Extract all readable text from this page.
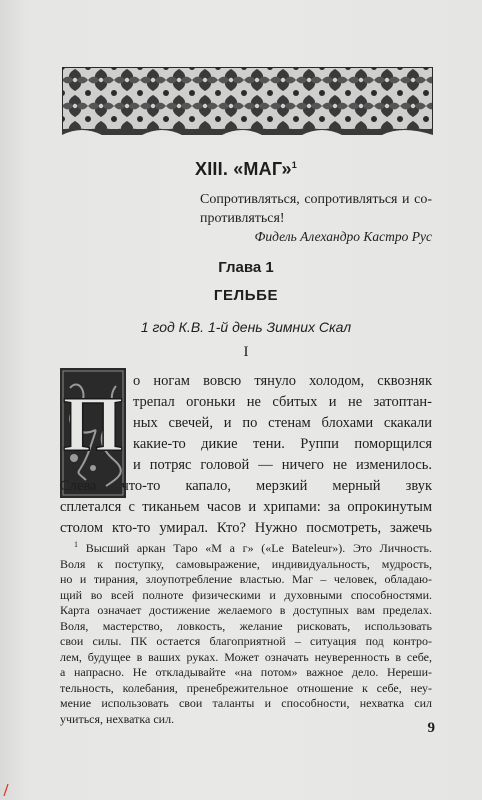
XIII. «МАГ»$^1$
Сопротивляться, сопротивляться и со-противляться!
Фидель Алехандро Кастро Рус
Глава 1
ГЕЛЬБЕ
1 год К.В. 1-й день Зимних Скал
I
П о ногам вовсю тянуло холодом, сквозняк
трепал огоньки не сбитых и не затоптан-
ных свечей, и по стенам блохами скакали
какие-то дикие тени. Руппи поморщился
и потряс головой — ничего не изменилось.
Слева что-то капало, мерзкий мерный звук
сплетался с тиканьем часов и хрипами: за опрокинутым
столом кто-то умирал. Кто? Нужно посмотреть, зажечь
$^1$ Высший аркан Таро «М а г» («Le Bateleur»). Это Личность.
Воля к поступку, самовыражение, индивидуальность, мудрость,
но и тирания, злоупотребление властью. Маг – человек, обладаю-
щий во всей полноте физическими и духовными способностями.
Карта означает достижение желаемого в доступных вам пределах.
Воля, мастерство, ловкость, желание рисковать, использовать
свои силы. ПК остается благоприятной – ситуация под контро-
лем, будущее в ваших руках. Может означать неуверенность в себе,
а напрасно. Не откладывайте «на потом» важное дело. Нереши-
тельность, колебания, пренебрежительное отношение к себе, неу-
мение использовать свои таланты и способности, нехватка сил
учиться, нехватка сил.
9
